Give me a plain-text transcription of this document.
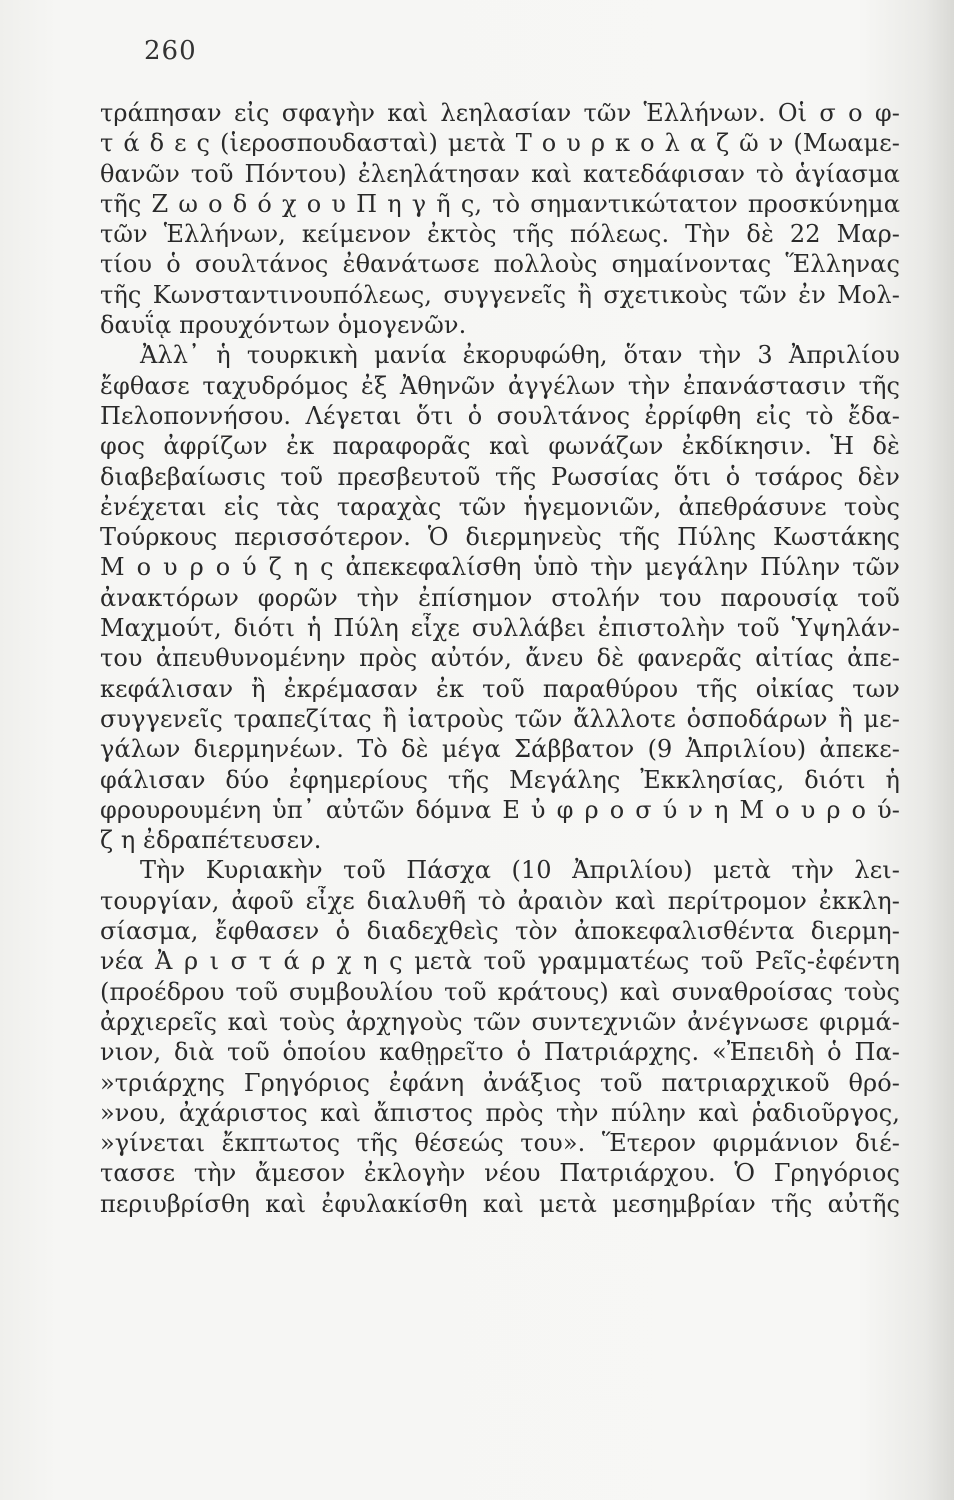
260
τράπησαν εἰς σφαγὴν καὶ λεηλασίαν τῶν Ἑλλήνων. Οἱ σ ο φ-
τ ά δ ε ς (ἱεροσπουδασταὶ) μετὰ Τ ο υ ρ κ ο λ α ζ ῶ ν (Μωαμε-
θανῶν τοῦ Πόντου) ἐλεηλάτησαν καὶ κατεδάφισαν τὸ ἁγίασμα
τῆς Ζ ω ο δ ό χ ο υ Π η γ ῆ ς, τὸ σημαντικώτατον προσκύνημα
τῶν Ἑλλήνων, κείμενον ἐκτὸς τῆς πόλεως. Τὴν δὲ 22 Μαρ-
τίου ὁ σουλτάνος ἐθανάτωσε πολλοὺς σημαίνοντας Ἕλληνας
τῆς Κωνσταντινουπόλεως, συγγενεῖς ἢ σχετικοὺς τῶν ἐν Μολ-
δαυΐᾳ προυχόντων ὁμογενῶν.
Ἀλλ᾿ ἡ τουρκικὴ μανία ἐκορυφώθη, ὅταν τὴν 3 Ἀπριλίου
ἔφθασε ταχυδρόμος ἐξ Ἀθηνῶν ἀγγέλων τὴν ἐπανάστασιν τῆς
Πελοποννήσου. Λέγεται ὅτι ὁ σουλτάνος ἐρρίφθη εἰς τὸ ἔδα-
φος ἀφρίζων ἐκ παραφορᾶς καὶ φωνάζων ἐκδίκησιν. Ἡ δὲ
διαβεβαίωσις τοῦ πρεσβευτοῦ τῆς Ρωσσίας ὅτι ὁ τσάρος δὲν
ἐνέχεται εἰς τὰς ταραχὰς τῶν ἡγεμονιῶν, ἀπεθράσυνε τοὺς
Τούρκους περισσότερον. Ὁ διερμηνεὺς τῆς Πύλης Κωστάκης
Μ ο υ ρ ο ύ ζ η ς ἀπεκεφαλίσθη ὑπὸ τὴν μεγάλην Πύλην τῶν
ἀνακτόρων φορῶν τὴν ἐπίσημον στολήν του παρουσίᾳ τοῦ
Μαχμούτ, διότι ἡ Πύλη εἶχε συλλάβει ἐπιστολὴν τοῦ Ὑψηλάν-
του ἀπευθυνομένην πρὸς αὐτόν, ἄνευ δὲ φανερᾶς αἰτίας ἀπε-
κεφάλισαν ἢ ἐκρέμασαν ἐκ τοῦ παραθύρου τῆς οἰκίας των
συγγενεῖς τραπεζίτας ἢ ἰατροὺς τῶν ἄλλλοτε ὁσποδάρων ἢ με-
γάλων διερμηνέων. Τὸ δὲ μέγα Σάββατον (9 Ἀπριλίου) ἀπεκε-
φάλισαν δύο ἐφημερίους τῆς Μεγάλης Ἐκκλησίας, διότι ἡ
φρουρουμένη ὑπ᾿ αὐτῶν δόμνα Ε ὐ φ ρ ο σ ύ ν η Μ ο υ ρ ο ύ-
ζ η ἐδραπέτευσεν.
Τὴν Κυριακὴν τοῦ Πάσχα (10 Ἀπριλίου) μετὰ τὴν λει-
τουργίαν, ἀφοῦ εἶχε διαλυθῆ τὸ ἀραιὸν καὶ περίτρομον ἐκκλη-
σίασμα, ἔφθασεν ὁ διαδεχθεὶς τὸν ἀποκεφαλισθέντα διερμη-
νέα Ἀ ρ ι σ τ ά ρ χ η ς μετὰ τοῦ γραμματέως τοῦ Ρεῖς-ἐφέντη
(προέδρου τοῦ συμβουλίου τοῦ κράτους) καὶ συναθροίσας τοὺς
ἀρχιερεῖς καὶ τοὺς ἀρχηγοὺς τῶν συντεχνιῶν ἀνέγνωσε φιρμά-
νιον, διὰ τοῦ ὁποίου καθῃρεῖτο ὁ Πατριάρχης. «Ἐπειδὴ ὁ Πα-
»τριάρχης Γρηγόριος ἐφάνη ἀνάξιος τοῦ πατριαρχικοῦ θρό-
»νου, ἀχάριστος καὶ ἄπιστος πρὸς τὴν πύλην καὶ ῥαδιοῦργος,
»γίνεται ἔκπτωτος τῆς θέσεώς του». Ἕτερον φιρμάνιον διέ-
τασσε τὴν ἄμεσον ἐκλογὴν νέου Πατριάρχου. Ὁ Γρηγόριος
περιυβρίσθη καὶ ἐφυλακίσθη καὶ μετὰ μεσημβρίαν τῆς αὐτῆς
